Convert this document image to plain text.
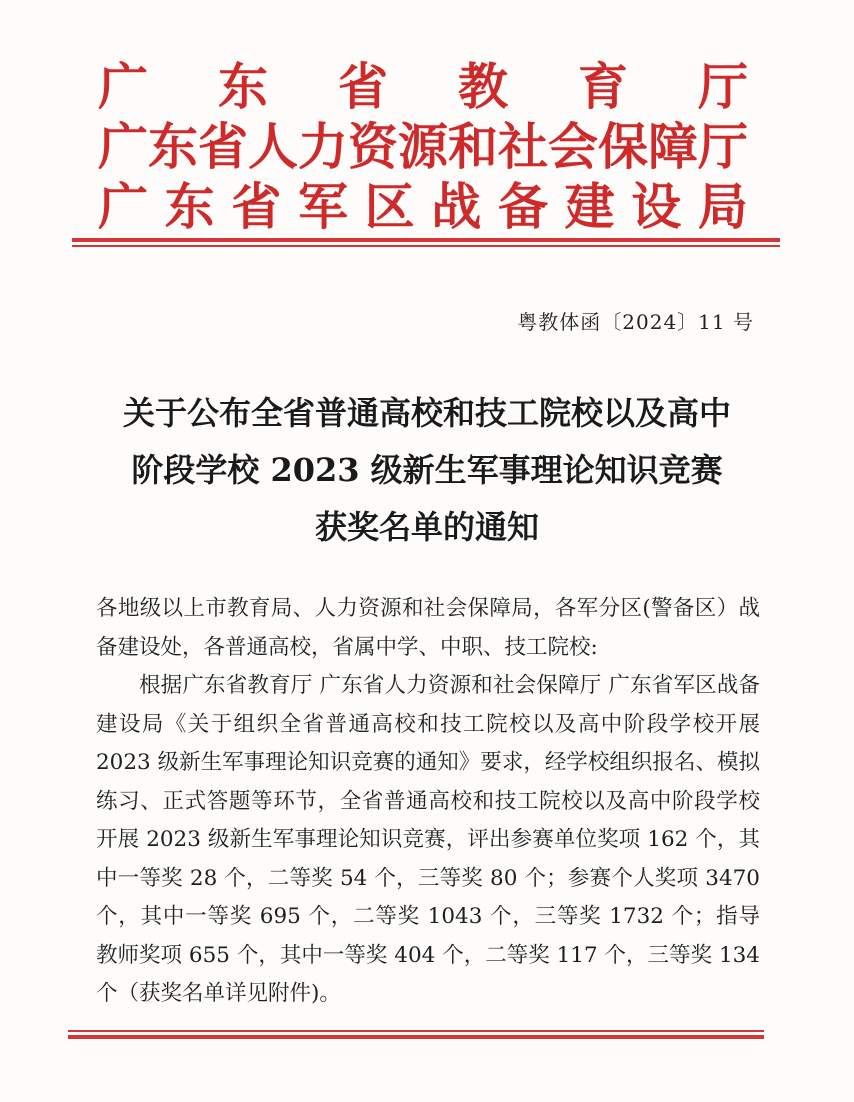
广 东 省 教 育 厅
广 东 省 人 力 资 源 和 社 会 保 障 厅
广 东 省 军 区 战 备 建 设 局
粤教体函〔2024〕11 号
关于公布全省普通高校和技工院校以及高中
阶段学校 2023 级新生军事理论知识竞赛
获奖名单的通知

各地级以上市教育局、人力资源和社会保障局，各军分区(警备区）战备建设处，各普通高校，省属中学、中职、技工院校:

根据广东省教育厅 广东省人力资源和社会保障厅 广东省军区战备建设局《关于组织全省普通高校和技工院校以及高中阶段学校开展 2023 级新生军事理论知识竞赛的通知》要求，经学校组织报名、模拟练习、正式答题等环节，全省普通高校和技工院校以及高中阶段学校开展 2023 级新生军事理论知识竞赛，评出参赛单位奖项 162 个，其中一等奖 28 个，二等奖 54 个，三等奖 80 个；参赛个人奖项 3470 个，其中一等奖 695 个，二等奖 1043 个，三等奖 1732 个；指导教师奖项 655 个，其中一等奖 404 个，二等奖 117 个，三等奖 134 个（获奖名单详见附件)。
